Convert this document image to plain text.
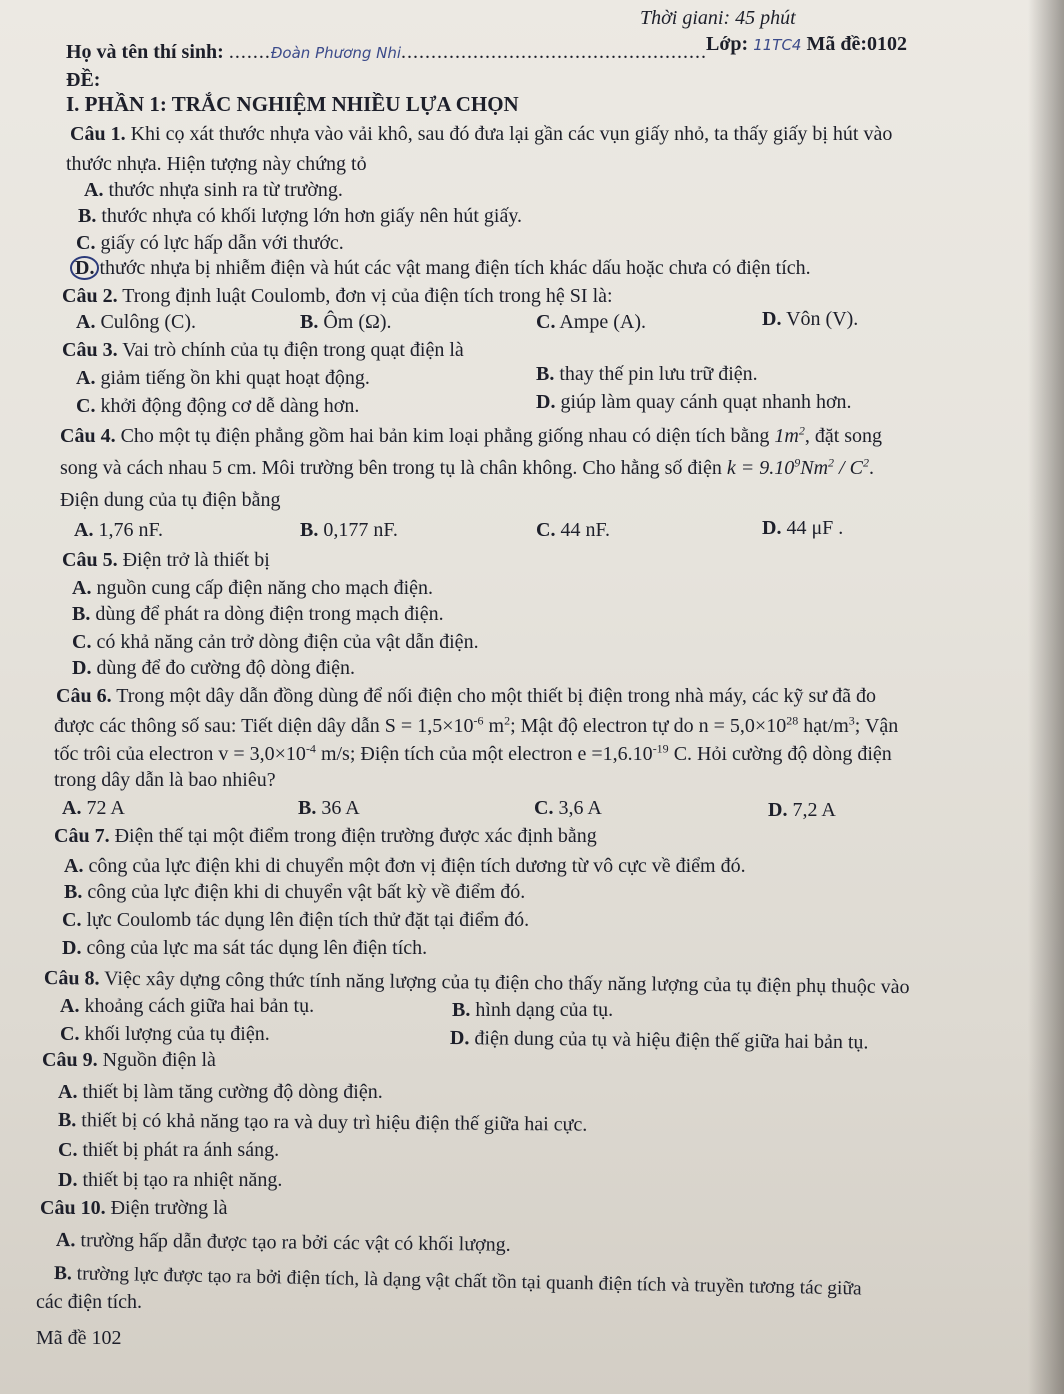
Thời giani: 45 phút
Họ và tên thí sinh: .......Đoàn Phương Nhi...................................................
Lớp: 11TC4 Mã đề:0102
ĐỀ:
I. PHẦN 1: TRẮC NGHIỆM NHIỀU LỰA CHỌN
Câu 1. Khi cọ xát thước nhựa vào vải khô, sau đó đưa lại gần các vụn giấy nhỏ, ta thấy giấy bị hút vào
thước nhựa. Hiện tượng này chứng tỏ
A. thước nhựa sinh ra từ trường.
B. thước nhựa có khối lượng lớn hơn giấy nên hút giấy.
C. giấy có lực hấp dẫn với thước.
D. thước nhựa bị nhiễm điện và hút các vật mang điện tích khác dấu hoặc chưa có điện tích.
Câu 2. Trong định luật Coulomb, đơn vị của điện tích trong hệ SI là:
A. Culông (C).	B. Ôm (Ω).	C. Ampe (A).	D. Vôn (V).
Câu 3. Vai trò chính của tụ điện trong quạt điện là
A. giảm tiếng ồn khi quạt hoạt động.	B. thay thế pin lưu trữ điện.
C. khởi động động cơ dễ dàng hơn.	D. giúp làm quay cánh quạt nhanh hơn.
Câu 4. Cho một tụ điện phẳng gồm hai bản kim loại phẳng giống nhau có diện tích bằng $1m^2$, đặt song
song và cách nhau 5 cm. Môi trường bên trong tụ là chân không. Cho hằng số điện $k = 9.10^9Nm^2 / C^2$.
Điện dung của tụ điện bằng
A. 1,76 nF.	B. 0,177 nF.	C. 44 nF.	D. 44 μF .
Câu 5. Điện trở là thiết bị
A. nguồn cung cấp điện năng cho mạch điện.
B. dùng để phát ra dòng điện trong mạch điện.
C. có khả năng cản trở dòng điện của vật dẫn điện.
D. dùng để đo cường độ dòng điện.
Câu 6. Trong một dây dẫn đồng dùng để nối điện cho một thiết bị điện trong nhà máy, các kỹ sư đã đo
được các thông số sau: Tiết diện dây dẫn $S = 1,5\times 10^{-6}$ $m^2$; Mật độ electron tự do $n = 5,0\times 10^{28}$ hạt/$m^3$; Vận
tốc trôi của electron $v = 3,0\times 10^{-4}$ m/s; Điện tích của một electron $e =1,6.10^{-19}$ C. Hỏi cường độ dòng điện
trong dây dẫn là bao nhiêu?
A. 72 A	B. 36 A	C. 3,6 A	D. 7,2 A
Câu 7. Điện thế tại một điểm trong điện trường được xác định bằng
A. công của lực điện khi di chuyển một đơn vị điện tích dương từ vô cực về điểm đó.
B. công của lực điện khi di chuyển vật bất kỳ về điểm đó.
C. lực Coulomb tác dụng lên điện tích thử đặt tại điểm đó.
D. công của lực ma sát tác dụng lên điện tích.
Câu 8. Việc xây dựng công thức tính năng lượng của tụ điện cho thấy năng lượng của tụ điện phụ thuộc vào
A. khoảng cách giữa hai bản tụ.	B. hình dạng của tụ.
C. khối lượng của tụ điện.	D. điện dung của tụ và hiệu điện thế giữa hai bản tụ.
Câu 9. Nguồn điện là
A. thiết bị làm tăng cường độ dòng điện.
B. thiết bị có khả năng tạo ra và duy trì hiệu điện thế giữa hai cực.
C. thiết bị phát ra ánh sáng.
D. thiết bị tạo ra nhiệt năng.
Câu 10. Điện trường là
A. trường hấp dẫn được tạo ra bởi các vật có khối lượng.
B. trường lực được tạo ra bởi điện tích, là dạng vật chất tồn tại quanh điện tích và truyền tương tác giữa
các điện tích.
Mã đề 102
